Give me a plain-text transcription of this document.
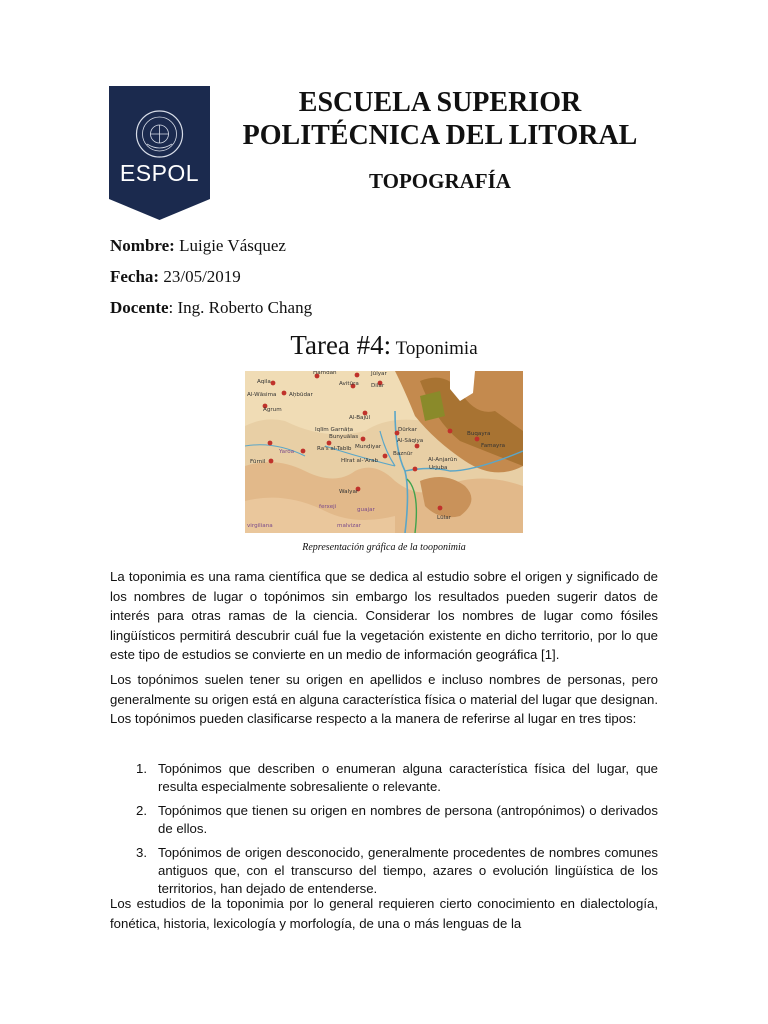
ESPOL
ESCUELA SUPERIOR
POLITÉCNICA DEL LITORAL
TOPOGRAFÍA
Nombre: Luigie Vásquez
Fecha: 23/05/2019
Docente: Ing. Roberto Chang
Tarea #4: Toponimia
Aqila
Al-Wāsima Aḥbūdar
Agrum
Avitūra Dilar
Al-Bajūl
Iqlīm Garnāṭa
Bunyuālas
Ra's al-Tabīb Munḍiyar
Dūrkar
Al-Sāqiya
Baznūr
Al-Anjarūn
Hīrat al-'Arab
Urjuba
Buqayra
Famayra
Walyar
Lūlar
Fūrnil
Yaroa
ferxeji	guajar
malvizar
virgiliana
Ḥamdān	Jūlyar
Representación gráfica de la tooponimia
La toponimia es una rama científica que se dedica al estudio sobre el origen y significado de los nombres de lugar o topónimos sin embargo los resultados pueden sugerir datos de interés para otras ramas de la ciencia. Considerar los nombres de lugar como fósiles lingüísticos permitirá descubrir cuál fue la vegetación existente en dicho territorio, por lo que este tipo de estudios se convierte en un medio de información geográfica [1].
Los topónimos suelen tener su origen en apellidos e incluso nombres de personas, pero generalmente su origen está en alguna característica física o material del lugar que designan. Los topónimos pueden clasificarse respecto a la manera de referirse al lugar en tres tipos:
1. Topónimos que describen o enumeran alguna característica física del lugar, que resulta especialmente sobresaliente o relevante.
2. Topónimos que tienen su origen en nombres de persona (antropónimos) o derivados de ellos.
3. Topónimos de origen desconocido, generalmente procedentes de nombres comunes antiguos que, con el transcurso del tiempo, azares o evolución lingüística de los territorios, han dejado de entenderse.
Los estudios de la toponimia por lo general requieren cierto conocimiento en dialectología, fonética, historia, lexicología y morfología, de una o más lenguas de la
